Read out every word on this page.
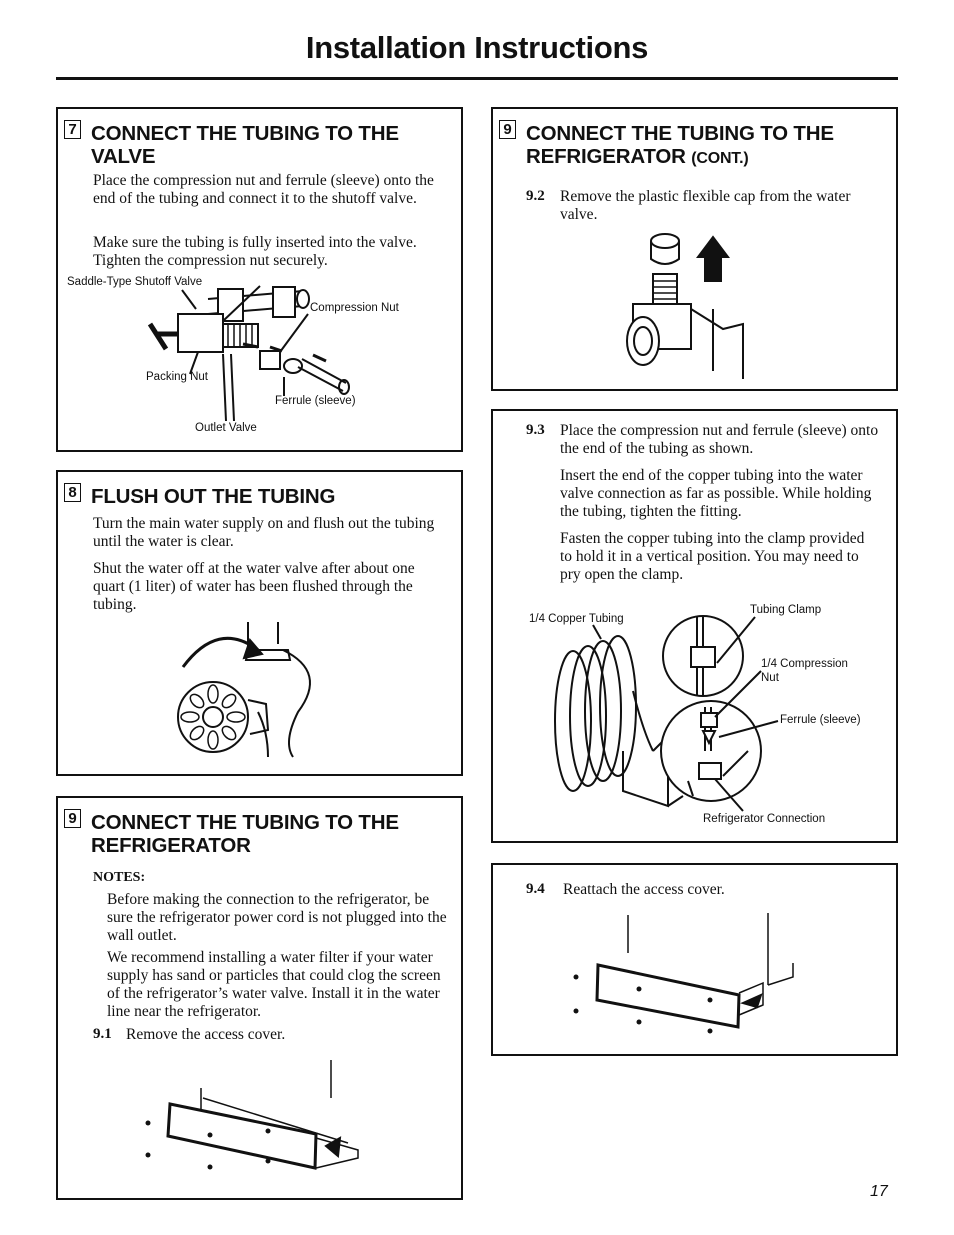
Installation Instructions
7 CONNECT THE TUBING TO THE VALVE

Place the compression nut and ferrule (sleeve) onto the end of the tubing and connect it to the shutoff valve.

Make sure the tubing is fully inserted into the valve. Tighten the compression nut securely.

Saddle-Type Shutoff Valve
Compression Nut
Packing Nut
Ferrule (sleeve)
Outlet Valve
8 FLUSH OUT THE TUBING

Turn the main water supply on and flush out the tubing until the water is clear.

Shut the water off at the water valve after about one quart (1 liter) of water has been flushed through the tubing.

9 CONNECT THE TUBING TO THE REFRIGERATOR
NOTES:

Before making the connection to the refrigerator, be sure the refrigerator power cord is not plugged into the wall outlet.

We recommend installing a water filter if your water supply has sand or particles that could clog the screen of the refrigerator’s water valve. Install it in the water line near the refrigerator.

9.1 Remove the access cover.
9 CONNECT THE TUBING TO THE REFRIGERATOR (CONT.)
9.2 Remove the plastic flexible cap from the water valve.

9.3 Place the compression nut and ferrule (sleeve) onto the end of the tubing as shown.

Insert the end of the copper tubing into the water valve connection as far as possible. While holding the tubing, tighten the fitting.

Fasten the copper tubing into the clamp provided to hold it in a vertical position. You may need to pry open the clamp.

1/4 Copper Tubing
Tubing Clamp
1/4 Compression Nut
Ferrule (sleeve)
Refrigerator Connection
9.4 Reattach the access cover.
17
